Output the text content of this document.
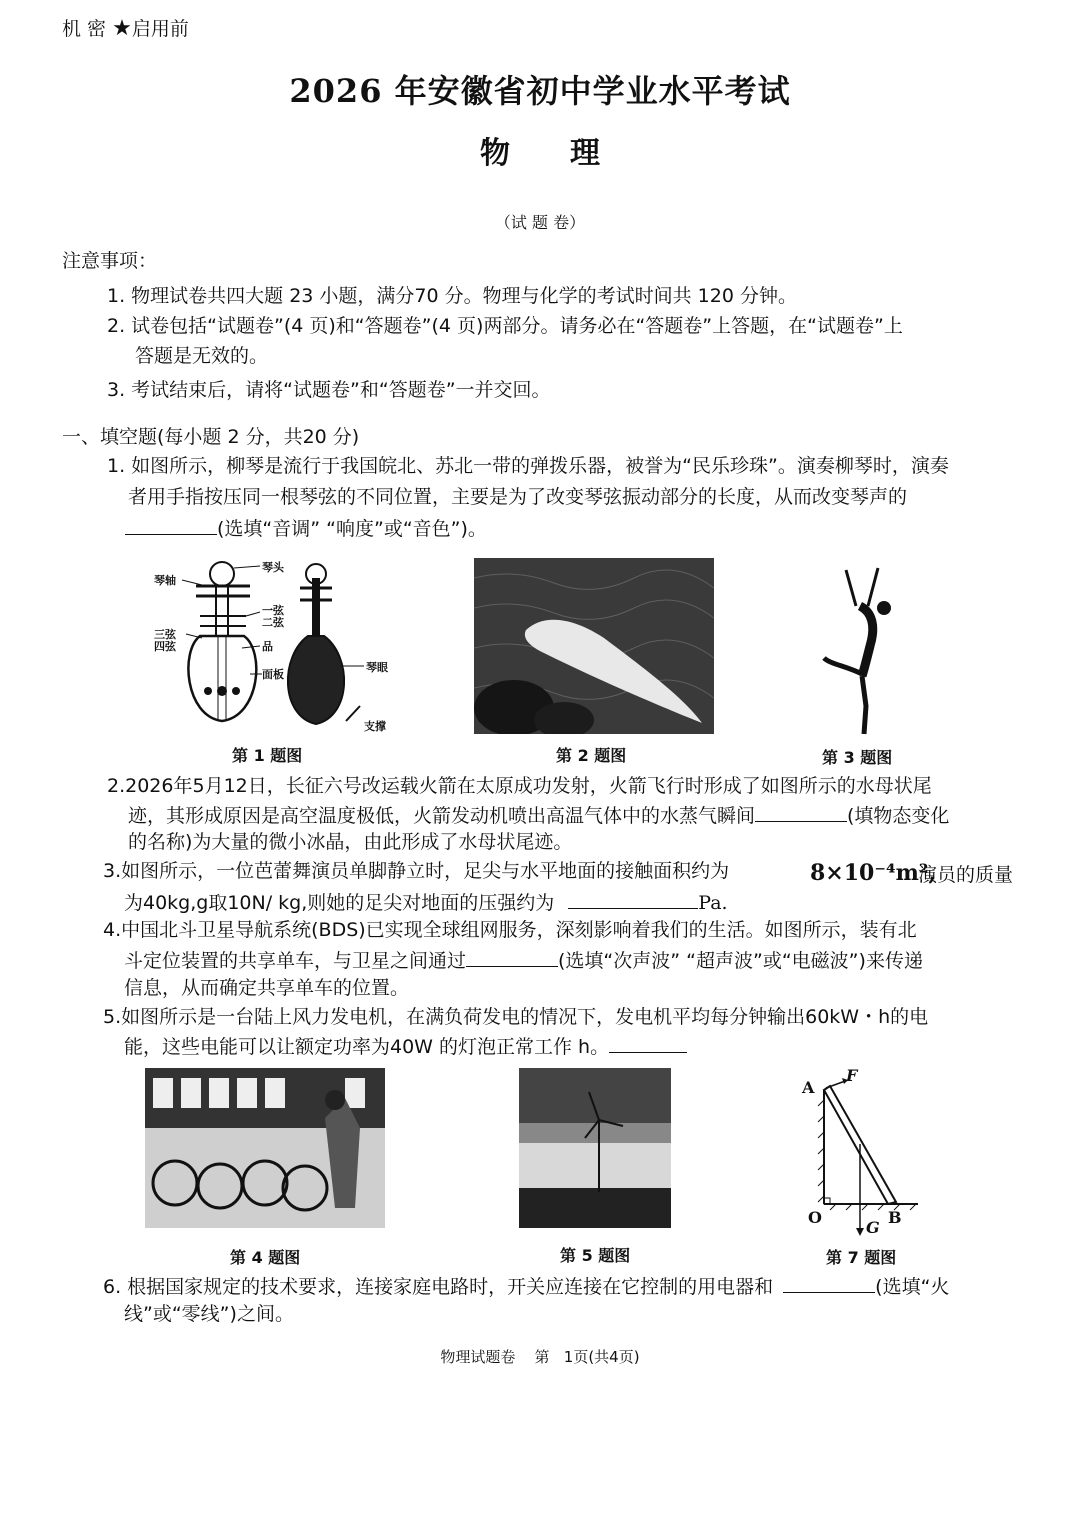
机 密 ★启用前
2026 年安徽省初中学业水平考试
物　　理
（试 题 卷）
注意事项：
1. 物理试卷共四大题 23 小题，满分70 分。物理与化学的考试时间共 120 分钟。
2. 试卷包括“试题卷”(4 页)和“答题卷”(4 页)两部分。请务必在“答题卷”上答题，在“试题卷”上
答题是无效的。
3. 考试结束后，请将“试题卷”和“答题卷”一并交回。
一、填空题(每小题 2 分，共20 分)
1. 如图所示，柳琴是流行于我国皖北、苏北一带的弹拨乐器，被誉为“民乐珍珠”。演奏柳琴时，演奏
者用手指按压同一根琴弦的不同位置，主要是为了改变琴弦振动部分的长度，从而改变琴声的
(选填“音调” “响度”或“音色”)。
琴轴
琴头
一弦
二弦
三弦
四弦	品
面板
琴眼
支撑
第 1 题图	第 2 题图	第 3 题图
2.2026年5月12日，长征六号改运载火箭在太原成功发射，火箭飞行时形成了如图所示的水母状尾
迹，其形成原因是高空温度极低，火箭发动机喷出高温气体中的水蒸气瞬间	(填物态变化
的名称)为大量的微小冰晶，由此形成了水母状尾迹。
3.如图所示，一位芭蕾舞演员单脚静立时，足尖与水平地面的接触面积约为	8×10⁻⁴m²,
演员的质量
为40kg,g取10N/ kg,则她的足尖对地面的压强约为	Pa.
4.中国北斗卫星导航系统(BDS)已实现全球组网服务，深刻影响着我们的生活。如图所示，装有北
斗定位装置的共享单车，与卫星之间通过	(选填“次声波” “超声波”或“电磁波”)来传递
信息，从而确定共享单车的位置。
5.如图所示是一台陆上风力发电机，在满负荷发电的情况下，发电机平均每分钟输出60kW・h的电
能，这些电能可以让额定功率为40W 的灯泡正常工作 h。
第 4 题图	第 5 题图
A
F
O
G
B
第 7 题图
6. 根据国家规定的技术要求，连接家庭电路时，开关应连接在它控制的用电器和	(选填“火
线”或“零线”)之间。
物理试题卷    第   1页(共4页)
